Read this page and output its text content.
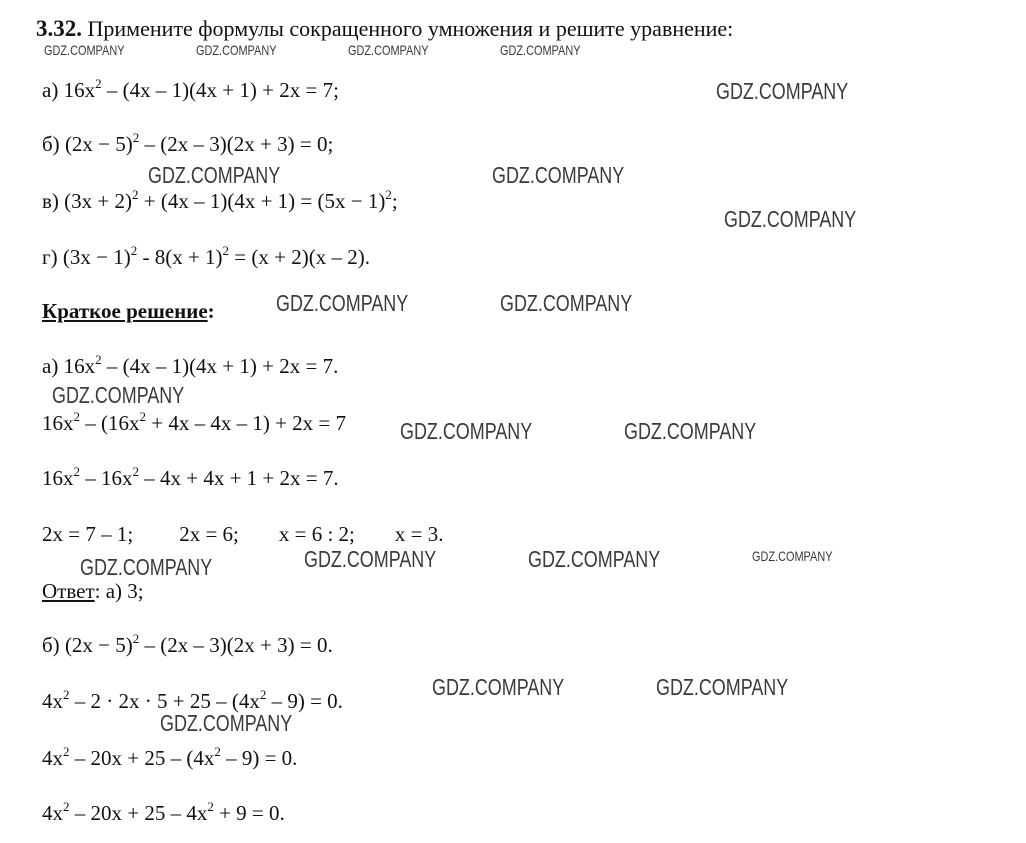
3.32. Примените формулы сокращенного умножения и решите уравнение:
а) $16x^2 - (4x - 1)(4x + 1) + 2x = 7$;
б) $(2x - 5)^2 - (2x - 3)(2x + 3) = 0$;
в) $(3x + 2)^2 + (4x - 1)(4x + 1) = (5x - 1)^2$;
г) $(3x - 1)^2 - 8(x + 1)^2 = (x + 2)(x - 2)$.
Краткое решение:
а) $16x^2 - (4x - 1)(4x + 1) + 2x = 7$.
$16x^2 - (16x^2 + 4x - 4x - 1) + 2x = 7$
$16x^2 - 16x^2 - 4x + 4x + 1 + 2x = 7$.
2x = 7 – 1; 2x = 6; x = 6 : 2; x = 3.
Ответ: а) 3;
б) $(2x - 5)^2 - (2x - 3)(2x + 3) = 0$.
$4x^2 - 2 \cdot 2x \cdot 5 + 25 - (4x^2 - 9) = 0$.
$4x^2 - 20x + 25 - (4x^2 - 9) = 0$.
$4x^2 - 20x + 25 - 4x^2 + 9 = 0$.
GDZ.COMPANY	GDZ.COMPANY	GDZ.COMPANY	GDZ.COMPANY
GDZ.COMPANY
GDZ.COMPANY	GDZ.COMPANY
GDZ.COMPANY
GDZ.COMPANY	GDZ.COMPANY
GDZ.COMPANY
GDZ.COMPANY	GDZ.COMPANY
GDZ.COMPANY	GDZ.COMPANY	GDZ.COMPANY	GDZ.COMPANY
GDZ.COMPANY	GDZ.COMPANY
GDZ.COMPANY
